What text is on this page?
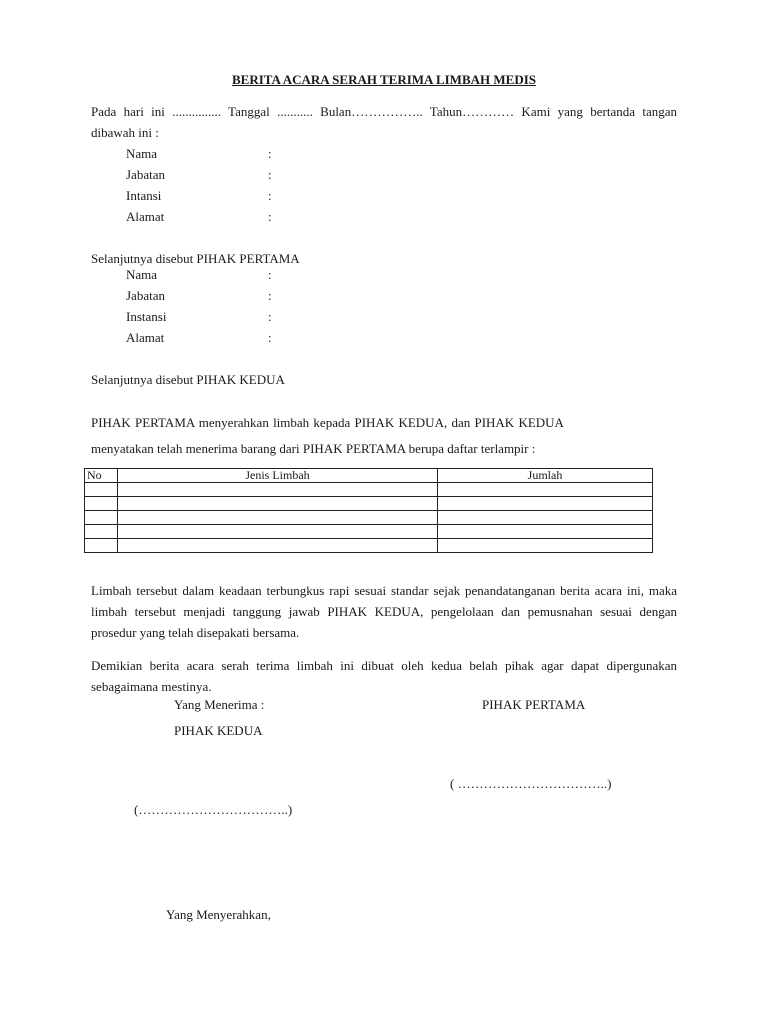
BERITA ACARA SERAH TERIMA LIMBAH MEDIS
Pada hari ini ............... Tanggal ........... Bulan…………….. Tahun………… Kami yang bertanda tangan dibawah ini :
Nama	:
Jabatan	:
Intansi	:
Alamat	:
Selanjutnya disebut PIHAK PERTAMA
Nama	:
Jabatan	:
Instansi	:
Alamat	:
Selanjutnya disebut PIHAK KEDUA
PIHAK PERTAMA menyerahkan limbah kepada PIHAK KEDUA, dan PIHAK KEDUA
menyatakan telah menerima barang dari PIHAK PERTAMA berupa daftar terlampir :
No	Jenis Limbah	Jumlah

Limbah tersebut dalam keadaan terbungkus rapi sesuai standar sejak penandatanganan berita acara ini, maka limbah tersebut menjadi tanggung jawab PIHAK KEDUA, pengelolaan dan pemusnahan sesuai dengan prosedur yang telah disepakati bersama.
Demikian berita acara serah terima limbah ini dibuat oleh kedua belah pihak agar dapat dipergunakan sebagaimana mestinya.
Yang Menerima :	PIHAK PERTAMA
PIHAK KEDUA
( ……………………………..)
(……………………………..)
Yang Menyerahkan,
